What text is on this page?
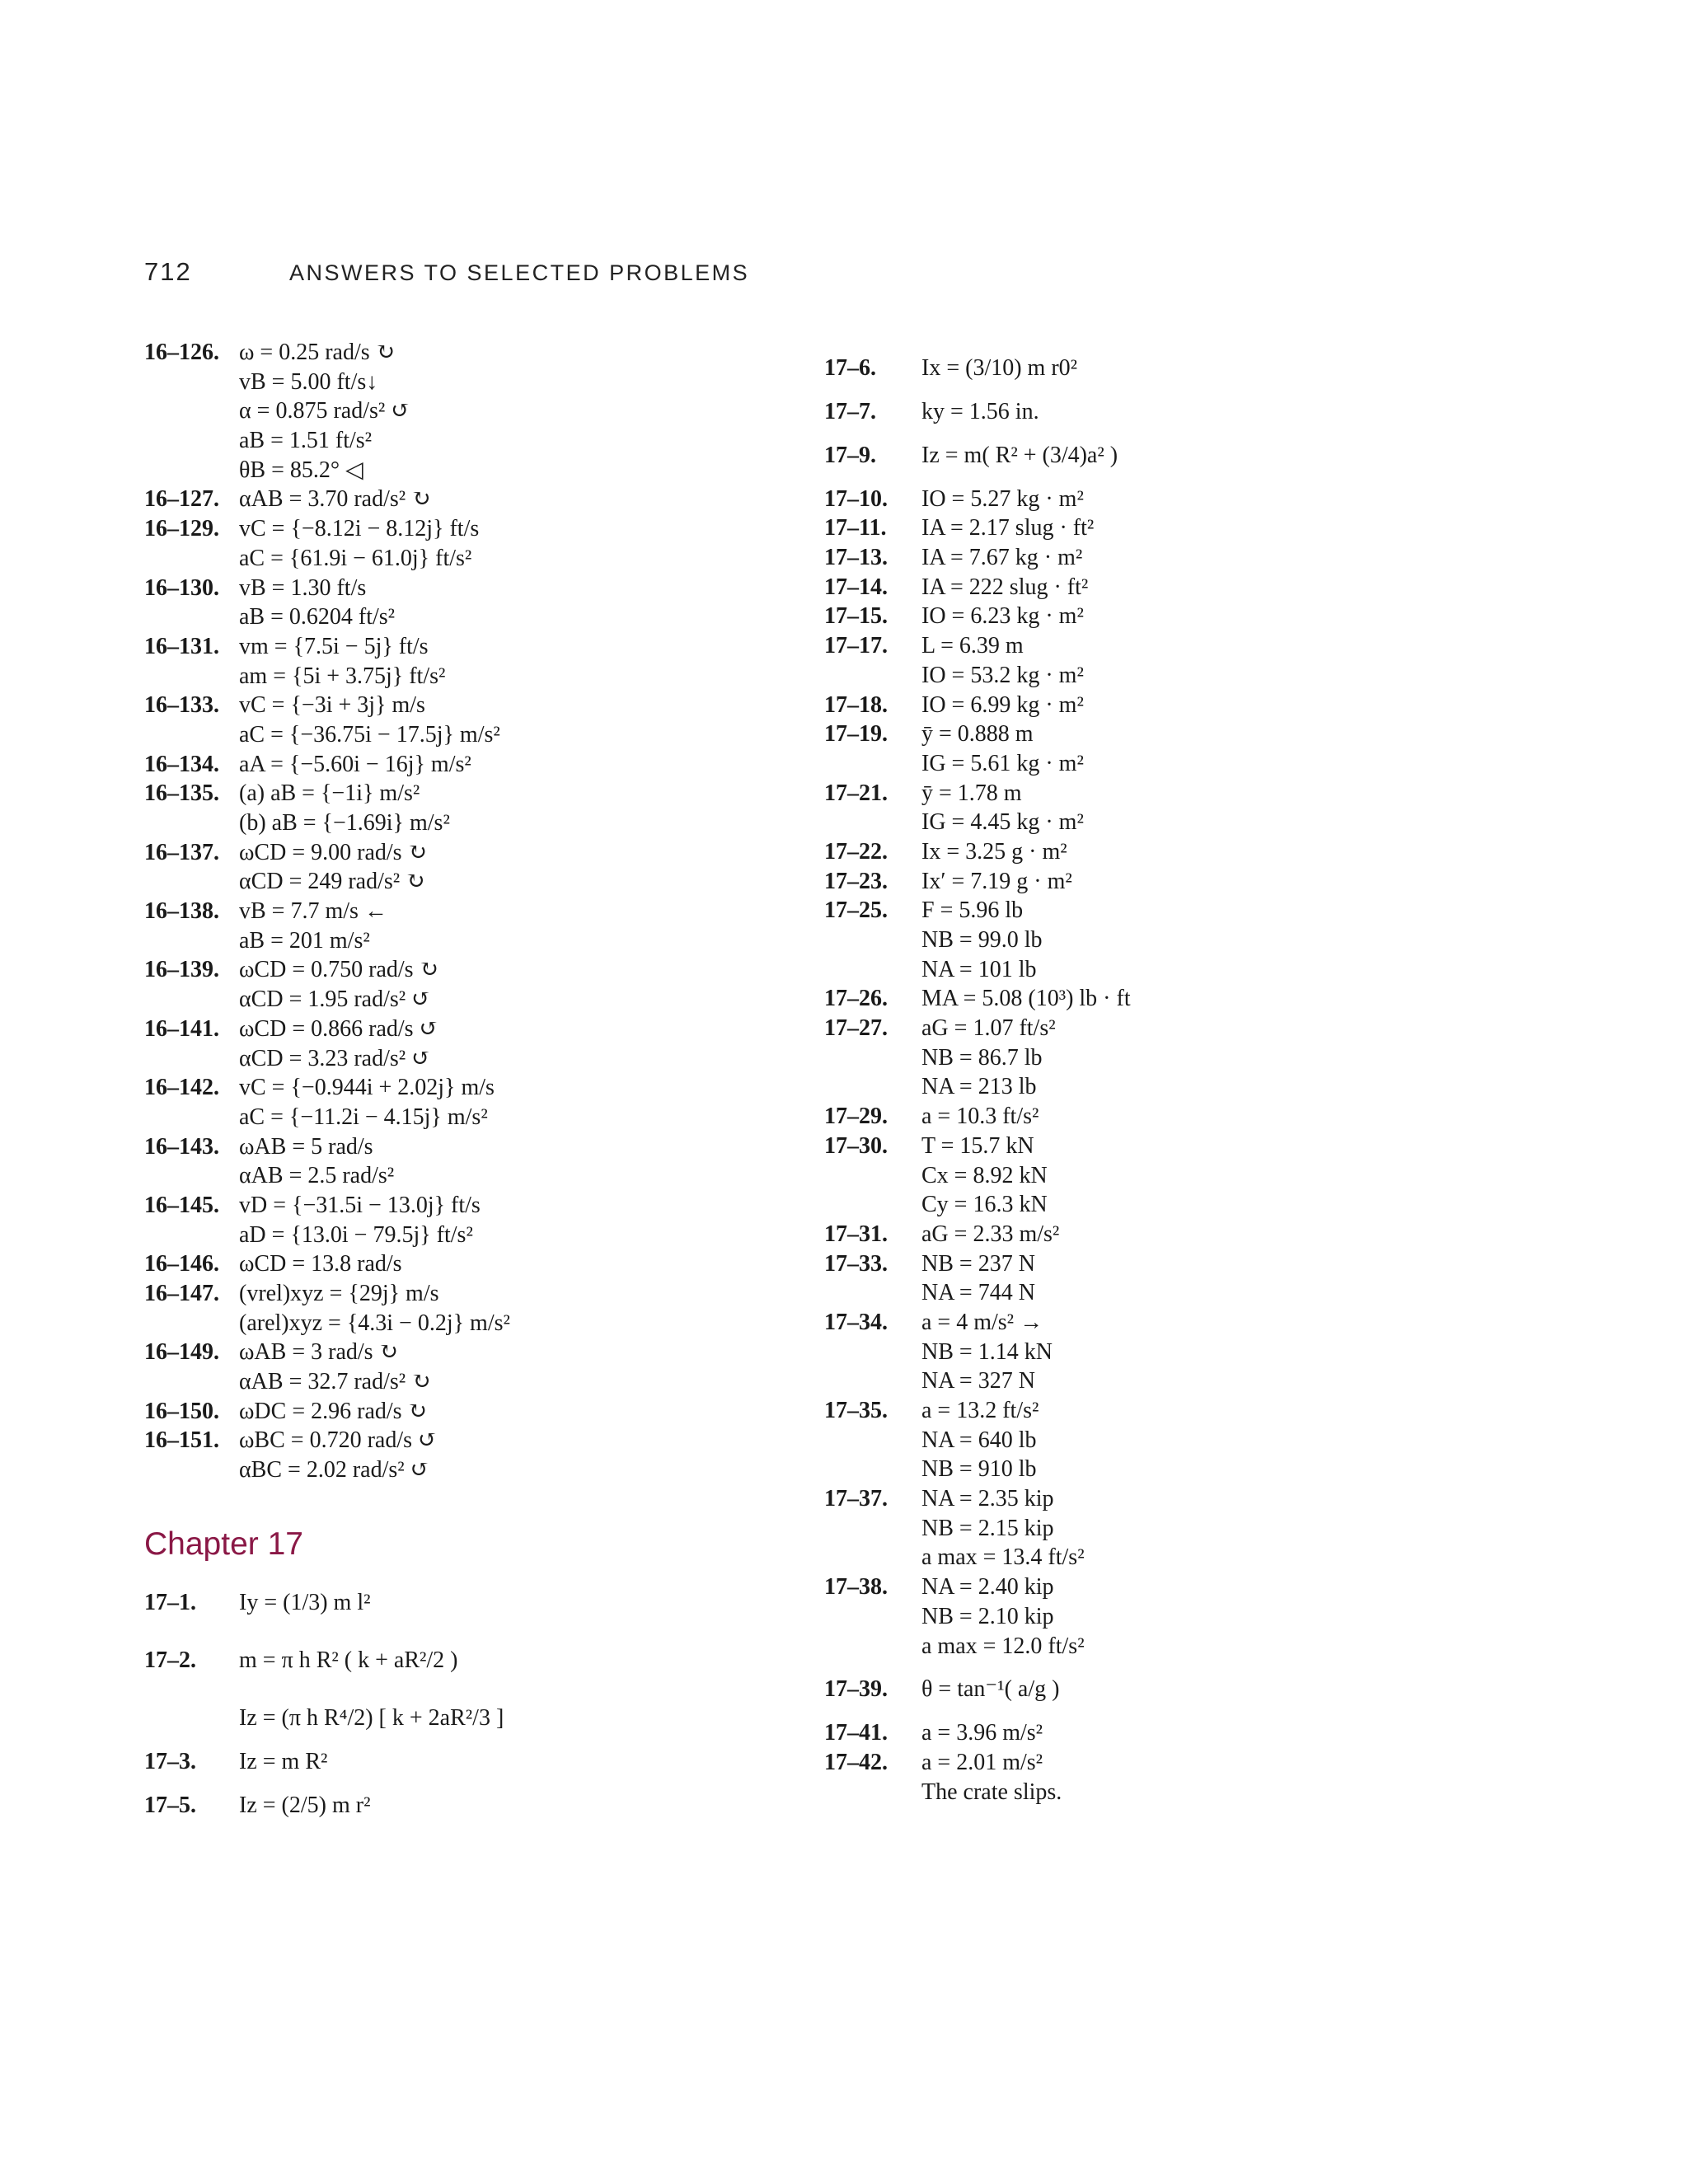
712	ANSWERS TO SELECTED PROBLEMS
16–126. ω = 0.25 rad/s ↻
vB = 5.00 ft/s↓
α = 0.875 rad/s² ↺
aB = 1.51 ft/s²
θB = 85.2° ◁
16–127. αAB = 3.70 rad/s² ↻
16–129. vC = {−8.12i − 8.12j} ft/s
aC = {61.9i − 61.0j} ft/s²
16–130. vB = 1.30 ft/s
aB = 0.6204 ft/s²
16–131. vm = {7.5i − 5j} ft/s
am = {5i + 3.75j} ft/s²
16–133. vC = {−3i + 3j} m/s
aC = {−36.75i − 17.5j} m/s²
16–134. aA = {−5.60i − 16j} m/s²
16–135. (a) aB = {−1i} m/s²
(b) aB = {−1.69i} m/s²
16–137. ωCD = 9.00 rad/s ↻
αCD = 249 rad/s² ↻
16–138. vB = 7.7 m/s ←
aB = 201 m/s²
16–139. ωCD = 0.750 rad/s ↻
αCD = 1.95 rad/s² ↺
16–141. ωCD = 0.866 rad/s ↺
αCD = 3.23 rad/s² ↺
16–142. vC = {−0.944i + 2.02j} m/s
aC = {−11.2i − 4.15j} m/s²
16–143. ωAB = 5 rad/s
αAB = 2.5 rad/s²
16–145. vD = {−31.5i − 13.0j} ft/s
aD = {13.0i − 79.5j} ft/s²
16–146. ωCD = 13.8 rad/s
16–147. (vrel)xyz = {29j} m/s
(arel)xyz = {4.3i − 0.2j} m/s²
16–149. ωAB = 3 rad/s ↻
αAB = 32.7 rad/s² ↻
16–150. ωDC = 2.96 rad/s ↻
16–151. ωBC = 0.720 rad/s ↺
αBC = 2.02 rad/s² ↺
Chapter 17
17–1. Iy = (1/3) m l²
17–2. m = π h R² ( k + aR²/2 )
Iz = (π h R⁴/2) [ k + 2aR²/3 ]
17–3. Iz = m R²
17–5. Iz = (2/5) m r²
17–6. Ix = (3/10) m r0²
17–7. ky = 1.56 in.
17–9. Iz = m( R² + (3/4)a² )
17–10. IO = 5.27 kg · m²
17–11. IA = 2.17 slug · ft²
17–13. IA = 7.67 kg · m²
17–14. IA = 222 slug · ft²
17–15. IO = 6.23 kg · m²
17–17. L = 6.39 m
IO = 53.2 kg · m²
17–18. IO = 6.99 kg · m²
17–19. ȳ = 0.888 m
IG = 5.61 kg · m²
17–21. ȳ = 1.78 m
IG = 4.45 kg · m²
17–22. Ix = 3.25 g · m²
17–23. Ix′ = 7.19 g · m²
17–25. F = 5.96 lb
NB = 99.0 lb
NA = 101 lb
17–26. MA = 5.08 (10³) lb · ft
17–27. aG = 1.07 ft/s²
NB = 86.7 lb
NA = 213 lb
17–29. a = 10.3 ft/s²
17–30. T = 15.7 kN
Cx = 8.92 kN
Cy = 16.3 kN
17–31. aG = 2.33 m/s²
17–33. NB = 237 N
NA = 744 N
17–34. a = 4 m/s² →
NB = 1.14 kN
NA = 327 N
17–35. a = 13.2 ft/s²
NA = 640 lb
NB = 910 lb
17–37. NA = 2.35 kip
NB = 2.15 kip
a max = 13.4 ft/s²
17–38. NA = 2.40 kip
NB = 2.10 kip
a max = 12.0 ft/s²
17–39. θ = tan⁻¹( a/g )
17–41. a = 3.96 m/s²
17–42. a = 2.01 m/s²
The crate slips.
